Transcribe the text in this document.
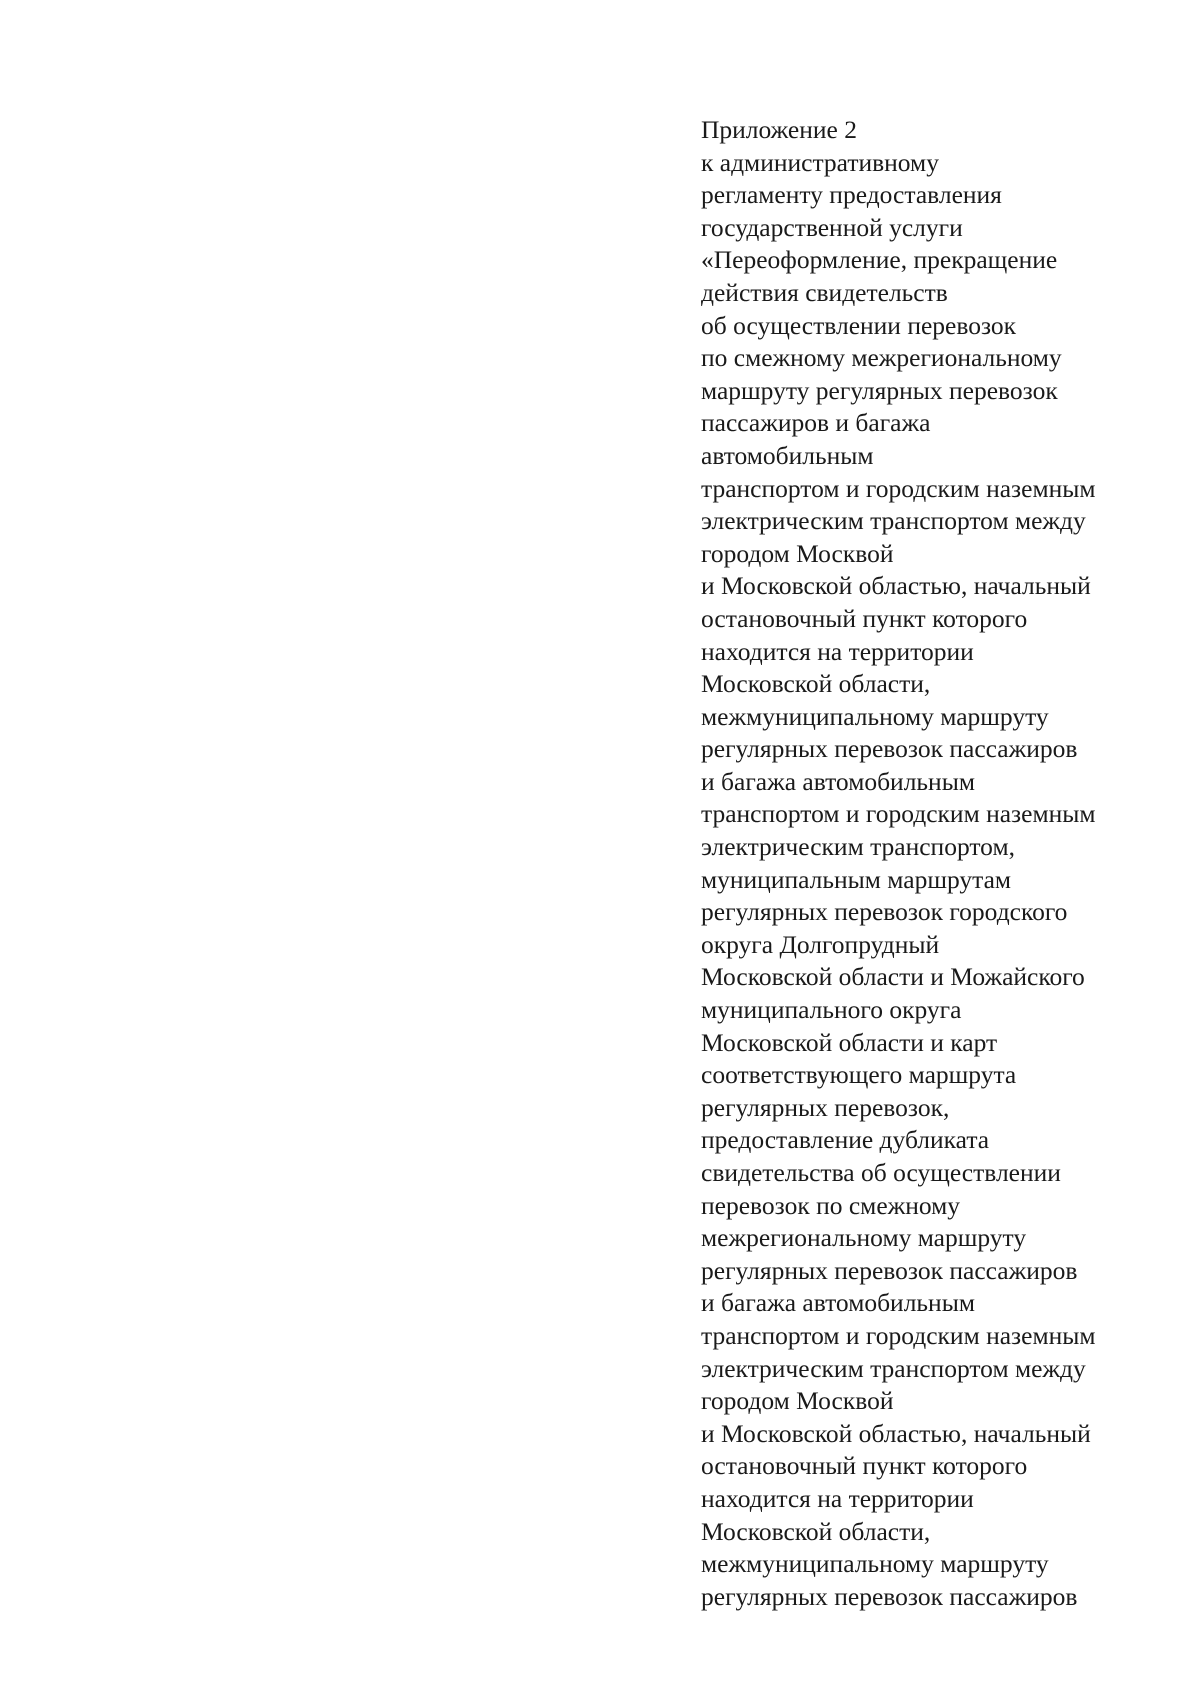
Приложение 2
к административному
регламенту предоставления
государственной услуги
«Переоформление, прекращение
действия свидетельств
об осуществлении перевозок
по смежному межрегиональному
маршруту регулярных перевозок
пассажиров и багажа
автомобильным
транспортом и городским наземным
электрическим транспортом между
городом Москвой
и Московской областью, начальный
остановочный пункт которого
находится на территории
Московской области,
межмуниципальному маршруту
регулярных перевозок пассажиров
и багажа автомобильным
транспортом и городским наземным
электрическим транспортом,
муниципальным маршрутам
регулярных перевозок городского
округа Долгопрудный
Московской области и Можайского
муниципального округа
Московской области и карт
соответствующего маршрута
регулярных перевозок,
предоставление дубликата
свидетельства об осуществлении
перевозок по смежному
межрегиональному маршруту
регулярных перевозок пассажиров
и багажа автомобильным
транспортом и городским наземным
электрическим транспортом между
городом Москвой
и Московской областью, начальный
остановочный пункт которого
находится на территории
Московской области,
межмуниципальному маршруту
регулярных перевозок пассажиров
